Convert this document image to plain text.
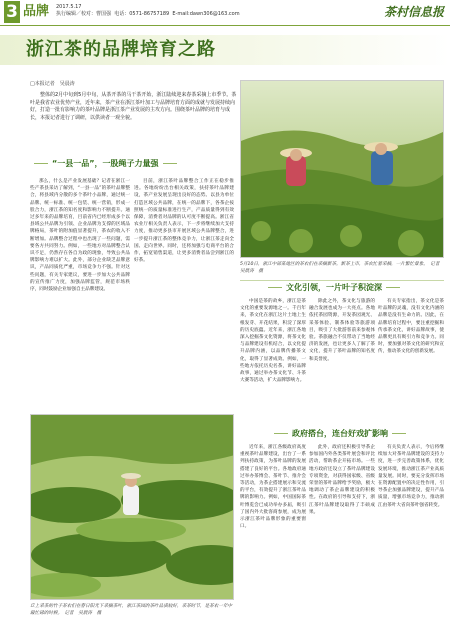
3 品牌 2017.5.17
执行编辑／校对：曹国强 电话：0571-86757189 E-mail:dawn306@163.com	茶村信息报
浙江茶的品牌培育之路
□本报记者　吴晨涛
整体的2月中旬到5月中旬，从茶开茶的马干茶开始，浙江陆续迎来春茶采摘上市季节。茶叶是我省农业优势产业，近年来，茶产业在浙江茶叶加工与品牌培育方面的成就与发展持续向好，打造一批有影响力的茶叶品牌是浙江茶产业发展的主攻方向。围绕茶叶品牌的培育与成长，本报记者进行了调研，以供读者一观全貌。
“一县一品”，一股绳子力量强

那么，什么是产业发展基础？记者在浙江一些产茶县采访了解到，“一县一品”的茶叶品牌整合，将县域内分散的多个茶叶小品牌，通过统一品牌、统一标准、统一包装、统一营销，形成一股合力，浙江茶的知名度和影响力不断提升。通过多年来的品牌培育，目前省内已经形成多个以县域公共品牌为引领、企业品牌为支撑的区域品牌格局，茶叶的附加值显著提升，茶农的收入不断增加。品牌整合过程中也出现了一些问题，需要各方共同努力。例如，一些地方对品牌整合认识不足，仍然存在各自为政的现象，导致公共品牌影响力难以扩大。此外，部分企业缺乏品牌意识，产品同质化严重，市场竞争力不强。针对这些问题，有关专家建议，要进一步加大公共品牌的宣传推广力度，加强品牌监管，规范市场秩序，同时鼓励企业加强自主品牌建设。

目前，浙江茶叶品牌整合工作正在稳步推进。各地纷纷出台相关政策，扶持茶叶品牌建设，茶产业发展呈现出良好的态势。以县为单位打造区域公共品牌，在统一的品牌下，各茶企按照统一的质量标准进行生产，产品质量得到有效保障，消费者对品牌的认可度不断提高。浙江省农业厅相关负责人表示，下一步将继续加大支持力度，推动更多县市开展区域公共品牌整合，进一步提升浙江茶的整体竞争力，让浙江茶走向全国、走向世界。同时，还将加强与电商平台的合作，拓宽销售渠道，让更多消费者品尝到浙江的好茶。

5月10日，浙江中部某地区的茶农们在采摘新茶。新茶上市，茶农忙着采摘，一片繁忙景象。　记者　吴晨涛　摄
文化引领，一片叶子积淀深

中国是茶的故乡，浙江是茶文化的重要发源地之一。千百年来，茶文化在浙江这片土地上生根发芽、开花结果，积淀了深厚的历史底蕴。近年来，浙江各地深入挖掘茶文化资源，将茶文化与品牌建设有机结合，以文化提升品牌内涵，以品牌传播茶文化，取得了显著成效。例如，一些地方依托历史名茶，讲好品牌故事，通过举办茶文化节、斗茶大赛等活动，扩大品牌影响力。

除此之外，茶文化与旅游的融合发展也成为一大亮点。各地依托茶园资源，开发茶园观光、采茶体验、制茶体验等旅游项目，吸引了大批游客前来参观体验。茶旅融合不仅带动了当地经济的发展，也让更多人了解了茶文化，提升了茶叶品牌的知名度和美誉度。

有关专家指出，茶文化是茶叶品牌的灵魂，没有文化内涵的品牌是没有生命力的。因此，在品牌培育过程中，要注重挖掘和传承茶文化，讲好品牌故事，使品牌更具有吸引力和竞争力。同时，要加强对茶文化的研究和宣传，推动茶文化的创新发展。

政府搭台，连台好戏扩影响

近年来，浙江各级政府高度重视茶叶品牌建设，出台了一系列扶持政策，为茶叶品牌的发展搭建了良好的平台。各地政府通过举办茶博会、茶叶节、推介会等活动，为茶企搭建展示和交流的平台，有效提升了浙江茶叶品牌的影响力。例如，中国国际茶叶博览会已成功举办多届，吸引了国内外大批客商参展，成为展示浙江茶叶品牌形象的重要窗口。

此外，政府还积极引导茶企参加国内外各类茶叶展会和评比活动，帮助茶企开拓市场。一些地方政府还设立了茶叶品牌建设专项资金，对获得国家级、省级荣誉的茶叶品牌给予奖励，极大地调动了茶企品牌建设的积极性。在政府的引导和支持下，浙江茶叶品牌建设取得了丰硕成果。

有关负责人表示，今后将继续加大对茶叶品牌建设的支持力度，进一步完善政策体系，优化发展环境，推动浙江茶产业高质量发展。同时，要充分发挥市场在资源配置中的决定性作用，引导茶企加强品牌建设，提升产品质量，增强市场竞争力，推动浙江由茶叶大省向茶叶强省转变。

丘上采茶的竹子茶农们在春日阳光下采摘茶叶，浙江茶园的茶叶品质较好，采茶时节，是茶农一年中最忙碌的时候。　记者　吴晨涛　摄
